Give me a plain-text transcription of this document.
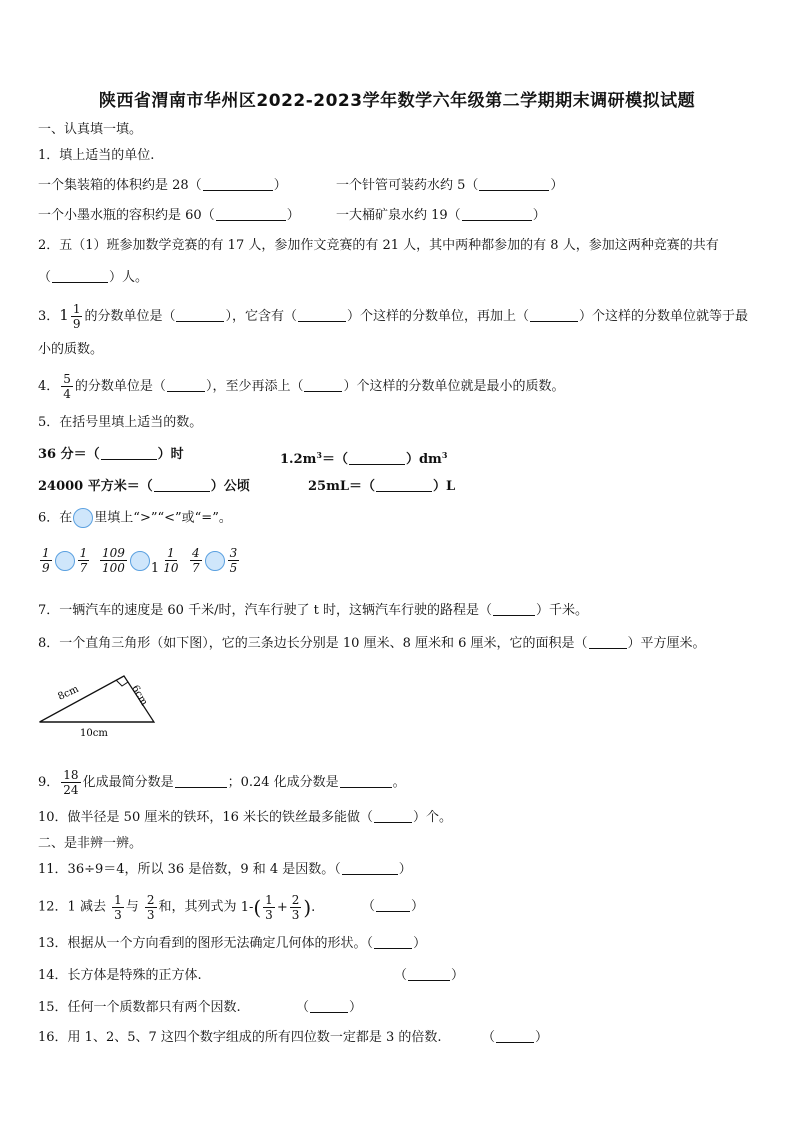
陕西省渭南市华州区2022-2023学年数学六年级第二学期期末调研模拟试题
一、认真填一填。
1．填上适当的单位.
一个集装箱的体积约是 28（	）	一个针管可装药水约 5（	）
一个小墨水瓶的容积约是 60（	）	一大桶矿泉水约 19（	）
2．五（1）班参加数学竞赛的有 17 人，参加作文竞赛的有 21 人，其中两种都参加的有 8 人，参加这两种竞赛的共有
（	）人。
3．$1 \frac{1}{9}$ 的分数单位是（	），它含有（	）个这样的分数单位，再加上（	）个这样的分数单位就等于最
小的质数。
4． $\frac{5}{4}$ 的分数单位是（	），至少再添上（	）个这样的分数单位就是最小的质数。
5．在括号里填上适当的数。
36 分＝（	）时	$1.2m^3=$（	）$dm^3$
24000 平方米＝（	）公顷	25mL＝（	）L
6．在 里填上“>”“<”或“=”。
$\frac{1}{9} \frac{1}{7} \frac{109}{100} 1 \frac{1}{10} \frac{4}{7} \frac{3}{5}$
7．一辆汽车的速度是 60 千米/时，汽车行驶了 t 时，这辆汽车行驶的路程是（	）千米。
8．一个直角三角形（如下图），它的三条边长分别是 10 厘米、8 厘米和 6 厘米，它的面积是（	）平方厘米。
8cm	6cm
10cm
9． $\frac{18}{24}$ 化成最简分数是	；0.24 化成分数是	。
10．做半径是 50 厘米的铁环，16 米长的铁丝最多能做（	）个。
二、是非辨一辨。
11．36÷9＝4，所以 36 是倍数，9 和 4 是因数。（	）
12．1 减去 $\frac{1}{3}$ 与 $\frac{2}{3}$ 和，其列式为 $1-( \frac{1}{3} + \frac{2}{3}$ ).	（	）
13．根据从一个方向看到的图形无法确定几何体的形状。（	）
14．长方体是特殊的正方体.	（	）
15．任何一个质数都只有两个因数.	（	）
16．用 1、2、5、7 这四个数字组成的所有四位数一定都是 3 的倍数.	（	）
